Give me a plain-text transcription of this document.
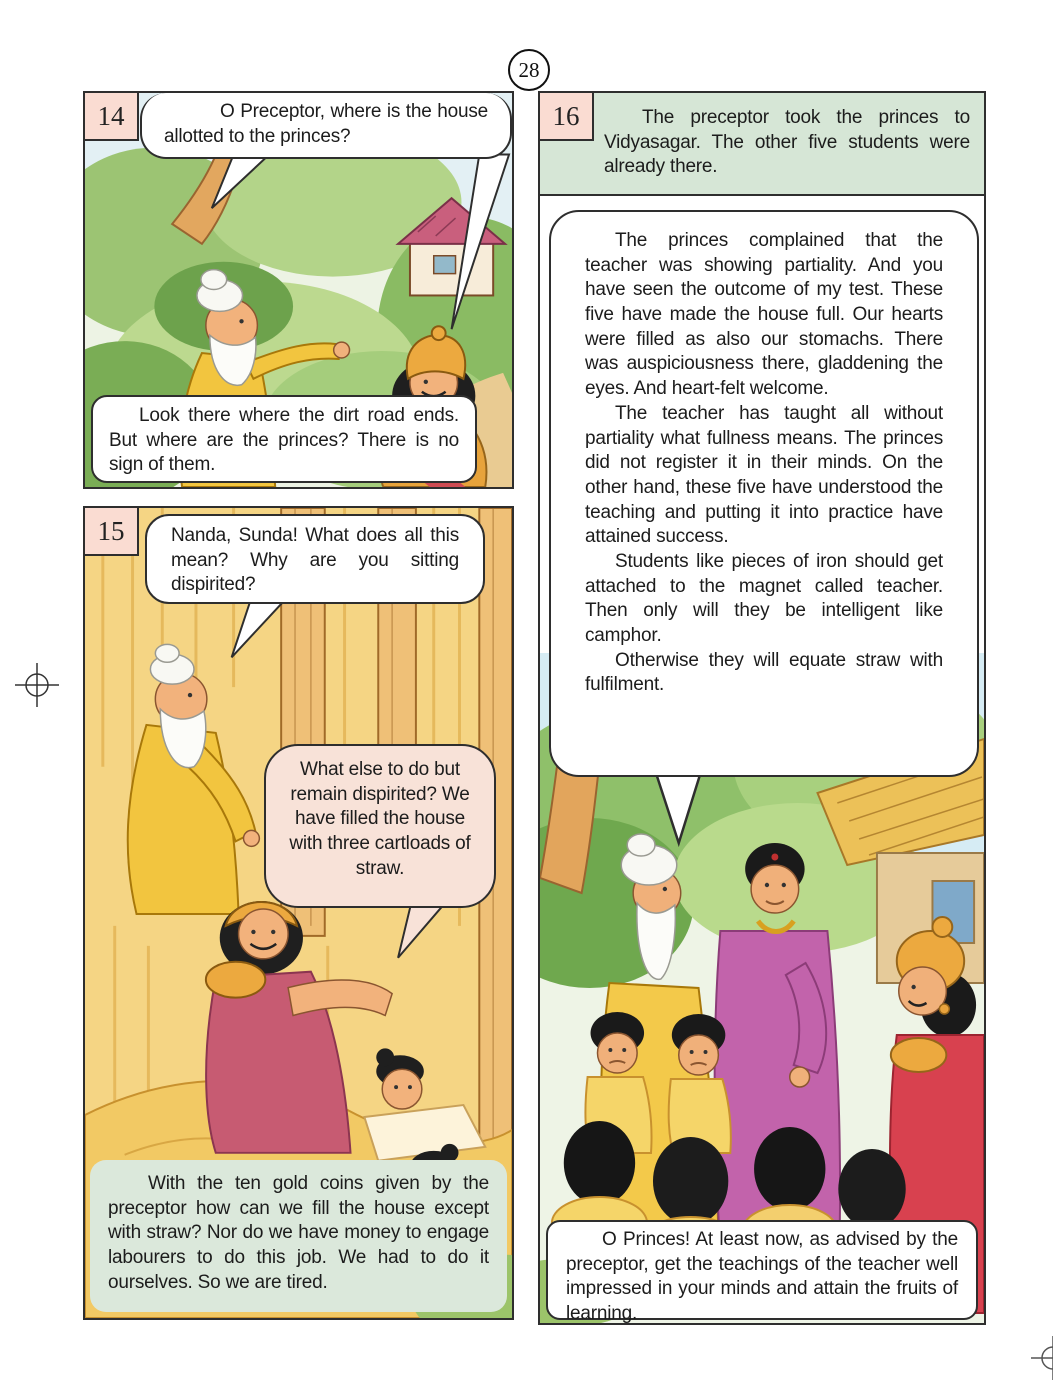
28
14	O Preceptor, where is the house allotted to the princes?

Look there where the dirt road ends. But where are the princes? There is no sign of them.

15	Nanda, Sunda! What does all this mean? Why are you sitting dispirited?

What else to do but remain dispirited? We have filled the house with three cartloads of straw.

With the ten gold coins given by the preceptor how can we fill the house except with straw? Nor do we have money to engage labourers to do this job. We had to do it ourselves. So we are tired.

The preceptor took the princes to Vidyasagar. The other five students were already there.

16

The princes complained that the teacher was showing partiality. And you have seen the outcome of my test. These five have made the house full. Our hearts were filled as also our stomachs. There was auspiciousness there, gladdening the eyes. And heart-felt welcome.

The teacher has taught all without partiality what fullness means. The princes did not register it in their minds. On the other hand, these five have understood the teaching and putting it into practice have attained success.

Students like pieces of iron should get attached to the magnet called teacher. Then only will they be intelligent like camphor.

Otherwise they will equate straw with fulfilment.

O Princes! At least now, as advised by the preceptor, get the teachings of the teacher well impressed in your minds and attain the fruits of learning.
